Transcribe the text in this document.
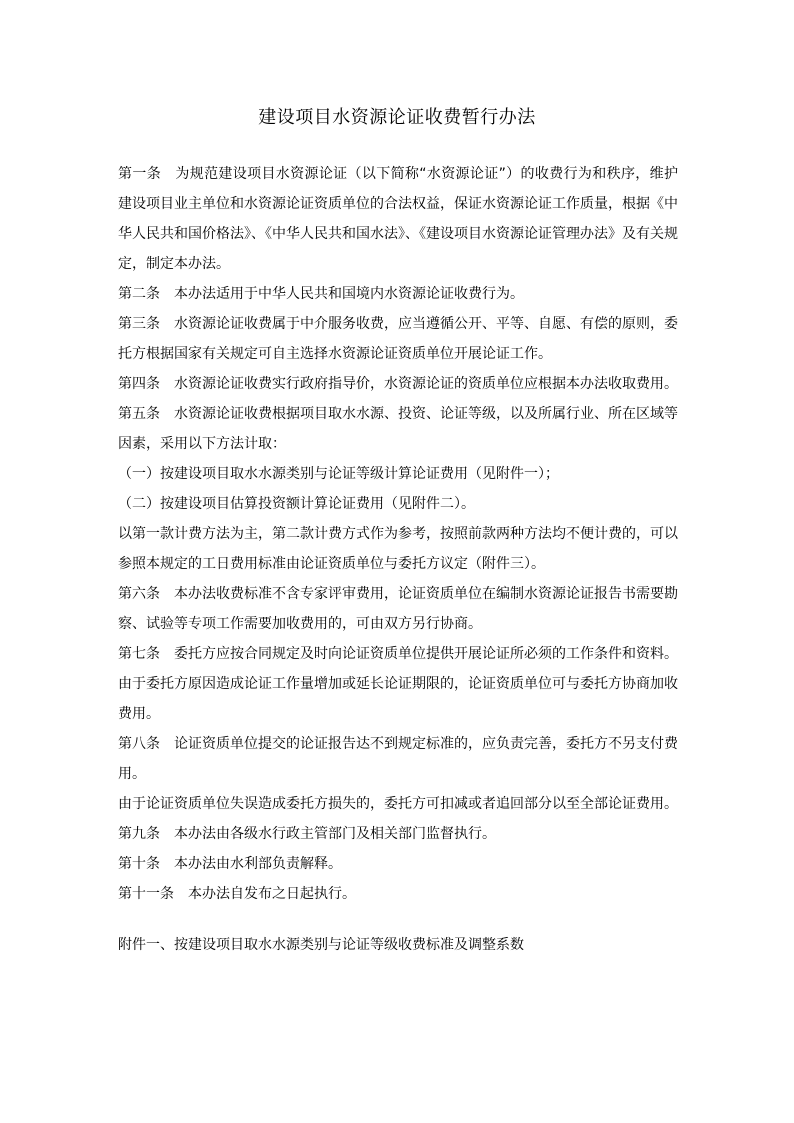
建设项目水资源论证收费暂行办法

第一条　为规范建设项目水资源论证（以下简称“水资源论证”）的收费行为和秩序，维护建设项目业主单位和水资源论证资质单位的合法权益，保证水资源论证工作质量，根据《中华人民共和国价格法》、《中华人民共和国水法》、《建设项目水资源论证管理办法》及有关规定，制定本办法。

第二条　本办法适用于中华人民共和国境内水资源论证收费行为。

第三条　水资源论证收费属于中介服务收费，应当遵循公开、平等、自愿、有偿的原则，委托方根据国家有关规定可自主选择水资源论证资质单位开展论证工作。

第四条　水资源论证收费实行政府指导价，水资源论证的资质单位应根据本办法收取费用。

第五条　水资源论证收费根据项目取水水源、投资、论证等级，以及所属行业、所在区域等因素，采用以下方法计取：

（一）按建设项目取水水源类别与论证等级计算论证费用（见附件一）；

（二）按建设项目估算投资额计算论证费用（见附件二）。

以第一款计费方法为主，第二款计费方式作为参考，按照前款两种方法均不便计费的，可以参照本规定的工日费用标准由论证资质单位与委托方议定（附件三）。

第六条　本办法收费标准不含专家评审费用，论证资质单位在编制水资源论证报告书需要勘察、试验等专项工作需要加收费用的，可由双方另行协商。

第七条　委托方应按合同规定及时向论证资质单位提供开展论证所必须的工作条件和资料。由于委托方原因造成论证工作量增加或延长论证期限的，论证资质单位可与委托方协商加收费用。

第八条　论证资质单位提交的论证报告达不到规定标准的，应负责完善，委托方不另支付费用。

由于论证资质单位失误造成委托方损失的，委托方可扣减或者追回部分以至全部论证费用。

第九条　本办法由各级水行政主管部门及相关部门监督执行。

第十条　本办法由水利部负责解释。

第十一条　本办法自发布之日起执行。

附件一、按建设项目取水水源类别与论证等级收费标准及调整系数
